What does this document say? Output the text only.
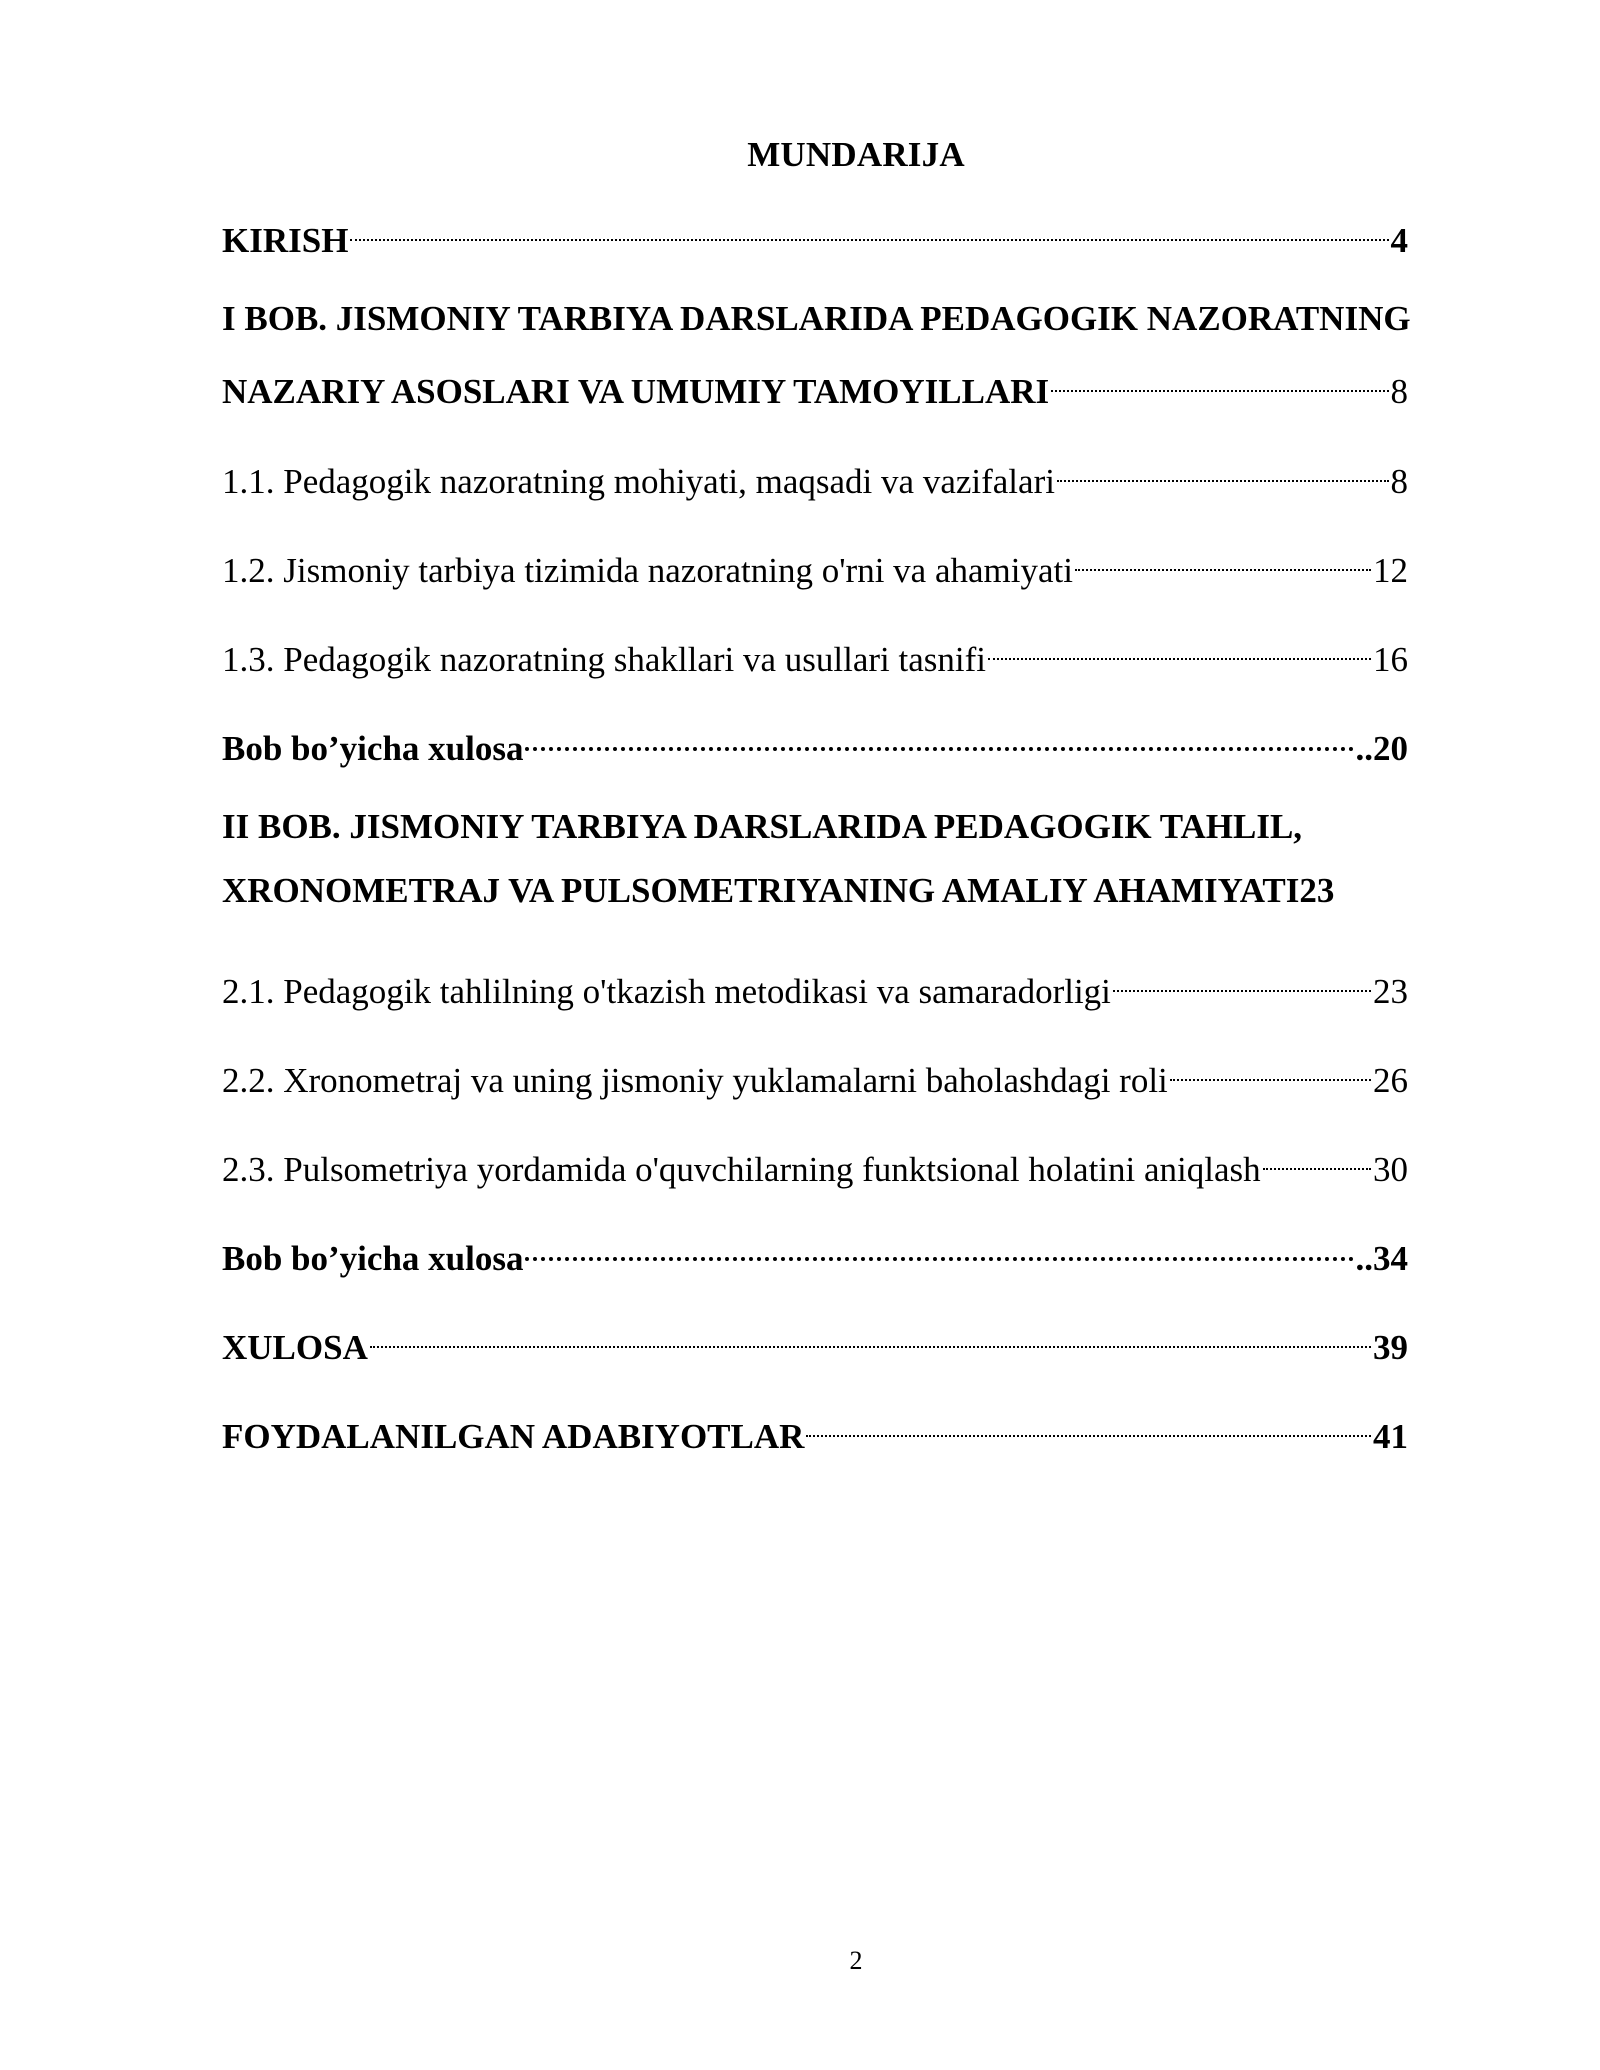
MUNDARIJA
KIRISH	4
I BOB. JISMONIY TARBIYA DARSLARIDA PEDAGOGIK NAZORATNING
NAZARIY ASOSLARI VA UMUMIY TAMOYILLARI	8
1.1. Pedagogik nazoratning mohiyati, maqsadi va vazifalari	8
1.2. Jismoniy tarbiya tizimida nazoratning o'rni va ahamiyati	12
1.3. Pedagogik nazoratning shakllari va usullari tasnifi	16
Bob bo’yicha xulosa	..20
II BOB. JISMONIY TARBIYA DARSLARIDA PEDAGOGIK TAHLIL,
XRONOMETRAJ VA PULSOMETRIYANING AMALIY AHAMIYATI 23
2.1. Pedagogik tahlilning o'tkazish metodikasi va samaradorligi	23
2.2. Xronometraj va uning jismoniy yuklamalarni baholashdagi roli	26
2.3. Pulsometriya yordamida o'quvchilarning funktsional holatini aniqlash	30
Bob bo’yicha xulosa	..34
XULOSA	39
FOYDALANILGAN ADABIYOTLAR	41
2
